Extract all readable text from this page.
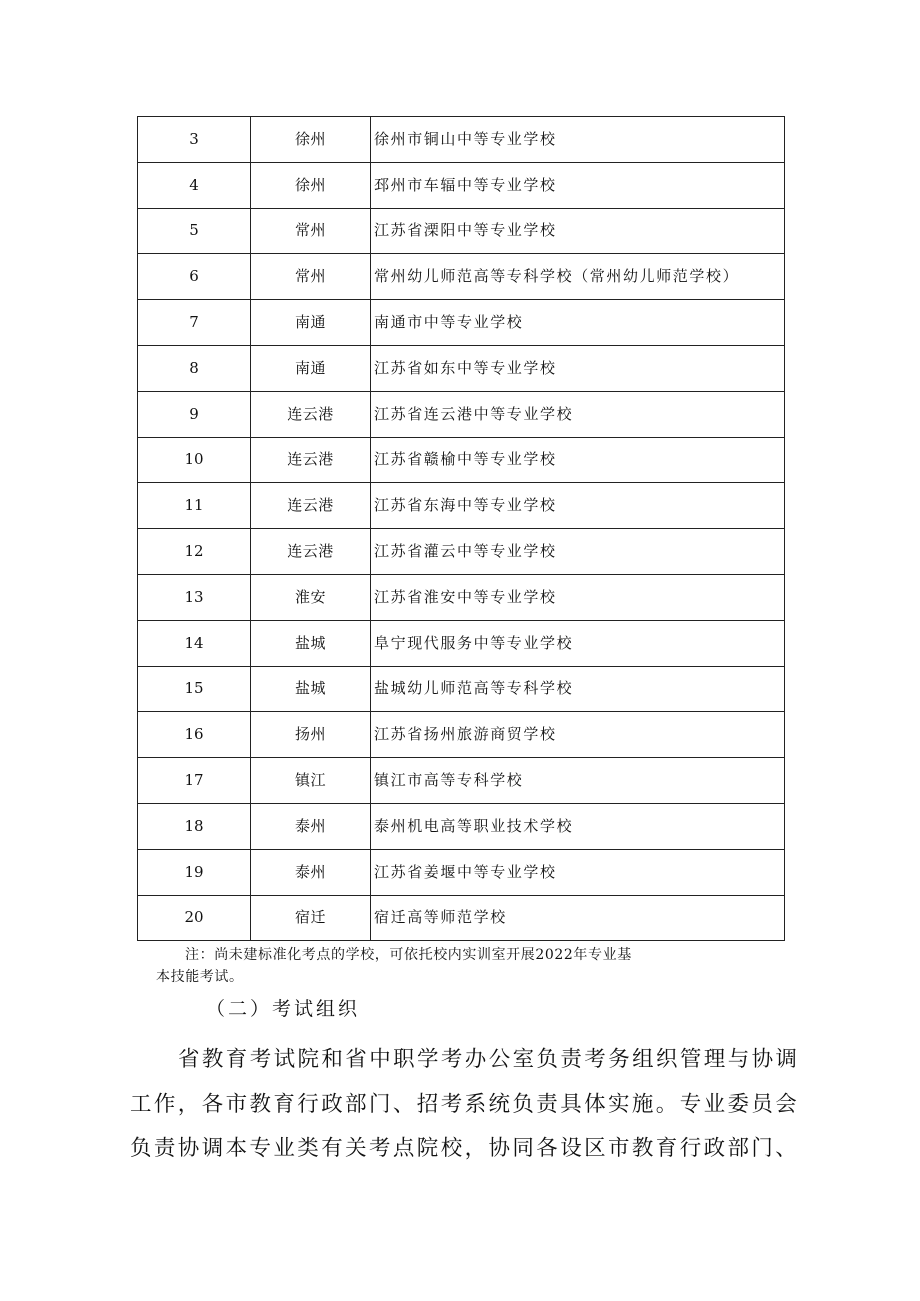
3	徐州	徐州市铜山中等专业学校
4	徐州	邳州市车辐中等专业学校
5	常州	江苏省溧阳中等专业学校
6	常州	常州幼儿师范高等专科学校（常州幼儿师范学校）
7	南通	南通市中等专业学校
8	南通	江苏省如东中等专业学校
9	连云港	江苏省连云港中等专业学校
10	连云港	江苏省赣榆中等专业学校
11	连云港	江苏省东海中等专业学校
12	连云港	江苏省灌云中等专业学校
13	淮安	江苏省淮安中等专业学校
14	盐城	阜宁现代服务中等专业学校
15	盐城	盐城幼儿师范高等专科学校
16	扬州	江苏省扬州旅游商贸学校
17	镇江	镇江市高等专科学校
18	泰州	泰州机电高等职业技术学校
19	泰州	江苏省姜堰中等专业学校
20	宿迁	宿迁高等师范学校
注：尚未建标准化考点的学校，可依托校内实训室开展2022年专业基
本技能考试。
（二）考试组织
省教育考试院和省中职学考办公室负责考务组织管理与协调
工作，各市教育行政部门、招考系统负责具体实施。专业委员会
负责协调本专业类有关考点院校，协同各设区市教育行政部门、
